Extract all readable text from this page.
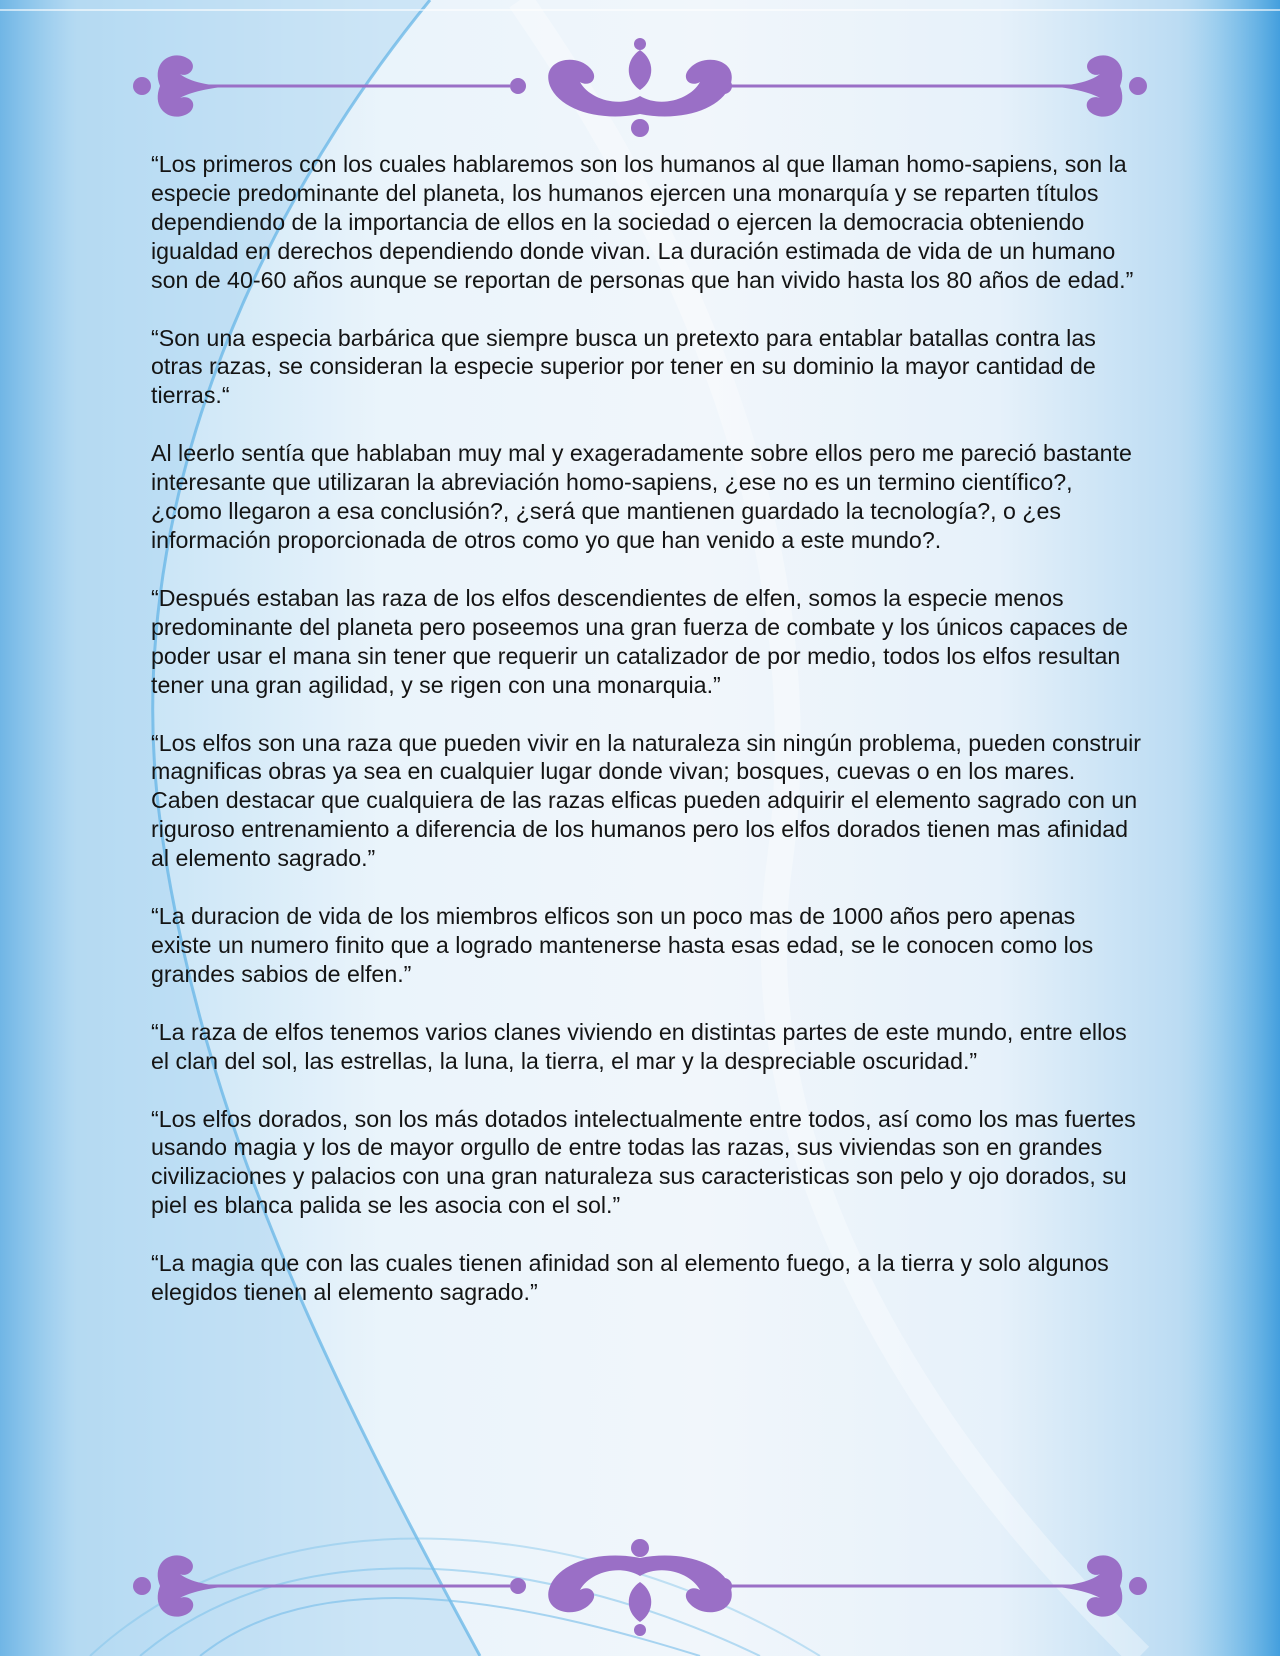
“Los primeros con los cuales hablaremos son los humanos al que llaman homo-sapiens, son la especie predominante del planeta, los humanos ejercen una monarquía y se reparten títulos dependiendo de la importancia de ellos en la sociedad o ejercen la democracia obteniendo igualdad en derechos dependiendo donde vivan. La duración estimada de vida de un humano son de 40-60 años aunque se reportan de personas que han vivido hasta los 80 años de edad.”

“Son una especia barbárica que siempre busca un pretexto para entablar batallas contra las otras razas, se consideran la especie superior por tener en su dominio la mayor cantidad de tierras.“

Al leerlo sentía que hablaban muy mal y exageradamente sobre ellos pero me pareció bastante interesante que utilizaran la abreviación homo-sapiens, ¿ese no es un termino científico?, ¿como llegaron a esa conclusión?, ¿será que mantienen guardado la tecnología?, o ¿es información proporcionada de otros como yo que han venido a este mundo?.

“Después estaban las raza de los elfos descendientes de elfen, somos la especie menos predominante del planeta pero poseemos una gran fuerza de combate y los únicos capaces de poder usar el mana sin tener que requerir un catalizador de por medio, todos los elfos resultan tener una gran agilidad, y se rigen con una monarquia.”

“Los elfos son una raza que pueden vivir en la naturaleza sin ningún problema, pueden construir magnificas obras ya sea en cualquier lugar donde vivan; bosques, cuevas o en los mares. Caben destacar que cualquiera de las razas elficas pueden adquirir el elemento sagrado con un riguroso entrenamiento a diferencia de los humanos pero los elfos dorados tienen mas afinidad al elemento sagrado.”

“La duracion de vida de los miembros elficos son un poco mas de 1000 años pero apenas existe un numero finito que a logrado mantenerse hasta esas edad, se le conocen como los grandes sabios de elfen.”

“La raza de elfos tenemos varios clanes viviendo en distintas partes de este mundo, entre ellos el clan del sol, las estrellas, la luna, la tierra, el mar y la despreciable oscuridad.”

“Los elfos dorados, son los más dotados intelectualmente entre todos, así como los mas fuertes usando magia y los de mayor orgullo de entre todas las razas, sus viviendas son en grandes civilizaciones y palacios con una gran naturaleza sus caracteristicas son pelo y ojo dorados, su piel es blanca palida se les asocia con el sol.”

“La magia que con las cuales tienen afinidad son al elemento fuego, a la tierra y solo algunos elegidos tienen al elemento sagrado.”
